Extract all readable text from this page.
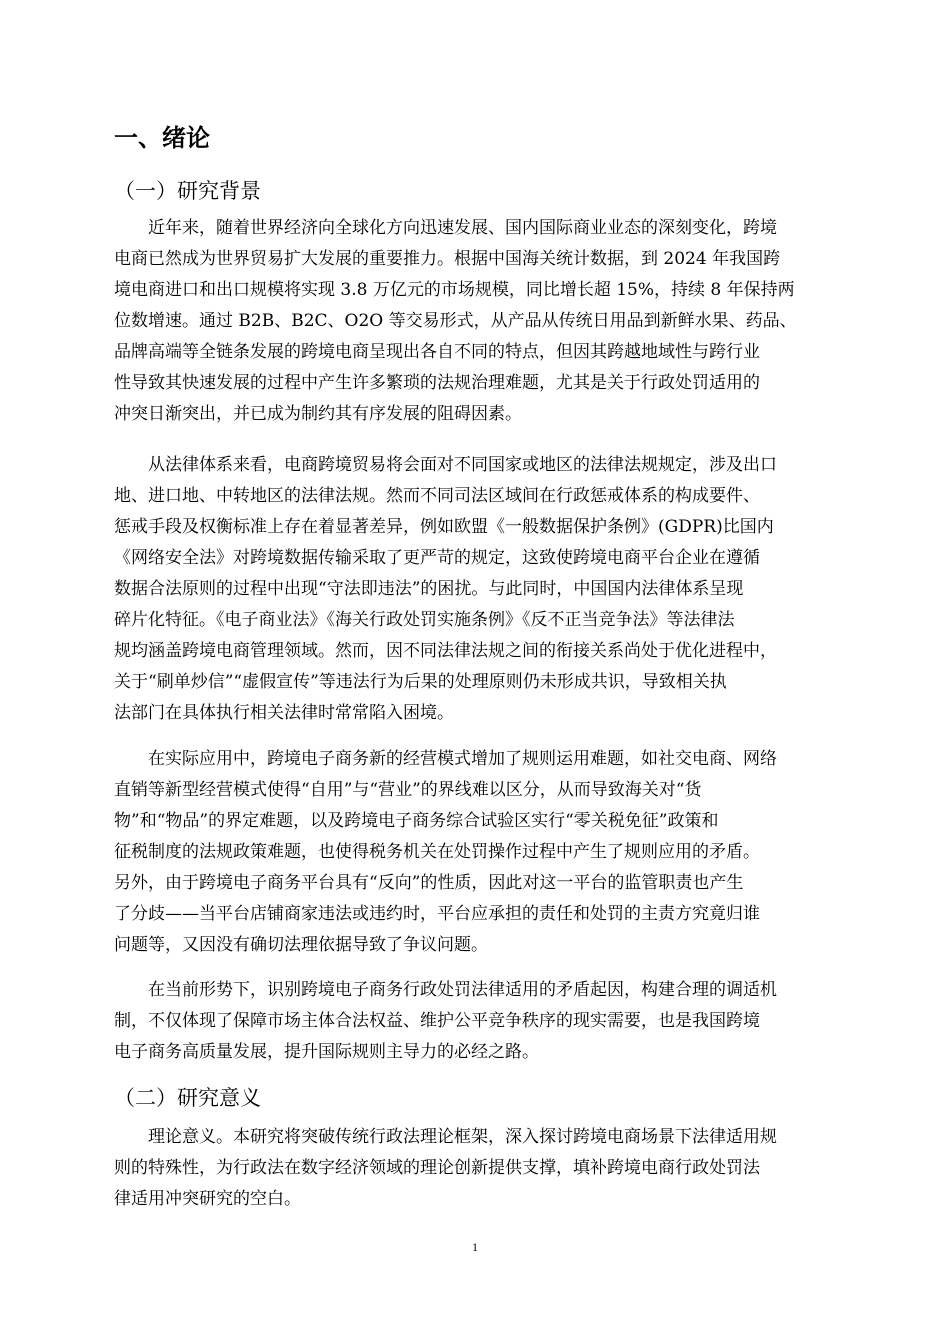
一、绪论
（一）研究背景
近年来，随着世界经济向全球化方向迅速发展、国内国际商业业态的深刻变化，跨境
电商已然成为世界贸易扩大发展的重要推力。根据中国海关统计数据，到 2024 年我国跨
境电商进口和出口规模将实现 3.8 万亿元的市场规模，同比增长超 15%，持续 8 年保持两
位数增速。通过 B2B、B2C、O2O 等交易形式，从产品从传统日用品到新鲜水果、药品、
品牌高端等全链条发展的跨境电商呈现出各自不同的特点，但因其跨越地域性与跨行业
性导致其快速发展的过程中产生许多繁琐的法规治理难题，尤其是关于行政处罚适用的
冲突日渐突出，并已成为制约其有序发展的阻碍因素。
从法律体系来看，电商跨境贸易将会面对不同国家或地区的法律法规规定，涉及出口
地、进口地、中转地区的法律法规。然而不同司法区域间在行政惩戒体系的构成要件、
惩戒手段及权衡标准上存在着显著差异，例如欧盟《一般数据保护条例》(GDPR)比国内
《网络安全法》对跨境数据传输采取了更严苛的规定，这致使跨境电商平台企业在遵循
数据合法原则的过程中出现“守法即违法”的困扰。与此同时，中国国内法律体系呈现
碎片化特征。《电子商业法》《海关行政处罚实施条例》《反不正当竞争法》等法律法
规均涵盖跨境电商管理领域。然而，因不同法律法规之间的衔接关系尚处于优化进程中，
关于“刷单炒信”“虚假宣传”等违法行为后果的处理原则仍未形成共识，导致相关执
法部门在具体执行相关法律时常常陷入困境。
在实际应用中，跨境电子商务新的经营模式增加了规则运用难题，如社交电商、网络
直销等新型经营模式使得“自用”与“营业”的界线难以区分，从而导致海关对“货
物”和“物品”的界定难题，以及跨境电子商务综合试验区实行“零关税免征”政策和
征税制度的法规政策难题，也使得税务机关在处罚操作过程中产生了规则应用的矛盾。
另外，由于跨境电子商务平台具有“反向”的性质，因此对这一平台的监管职责也产生
了分歧——当平台店铺商家违法或违约时，平台应承担的责任和处罚的主责方究竟归谁
问题等，又因没有确切法理依据导致了争议问题。
在当前形势下，识别跨境电子商务行政处罚法律适用的矛盾起因，构建合理的调适机
制，不仅体现了保障市场主体合法权益、维护公平竞争秩序的现实需要，也是我国跨境
电子商务高质量发展，提升国际规则主导力的必经之路。
（二）研究意义
理论意义。本研究将突破传统行政法理论框架，深入探讨跨境电商场景下法律适用规
则的特殊性，为行政法在数字经济领域的理论创新提供支撑，填补跨境电商行政处罚法
律适用冲突研究的空白。
1
